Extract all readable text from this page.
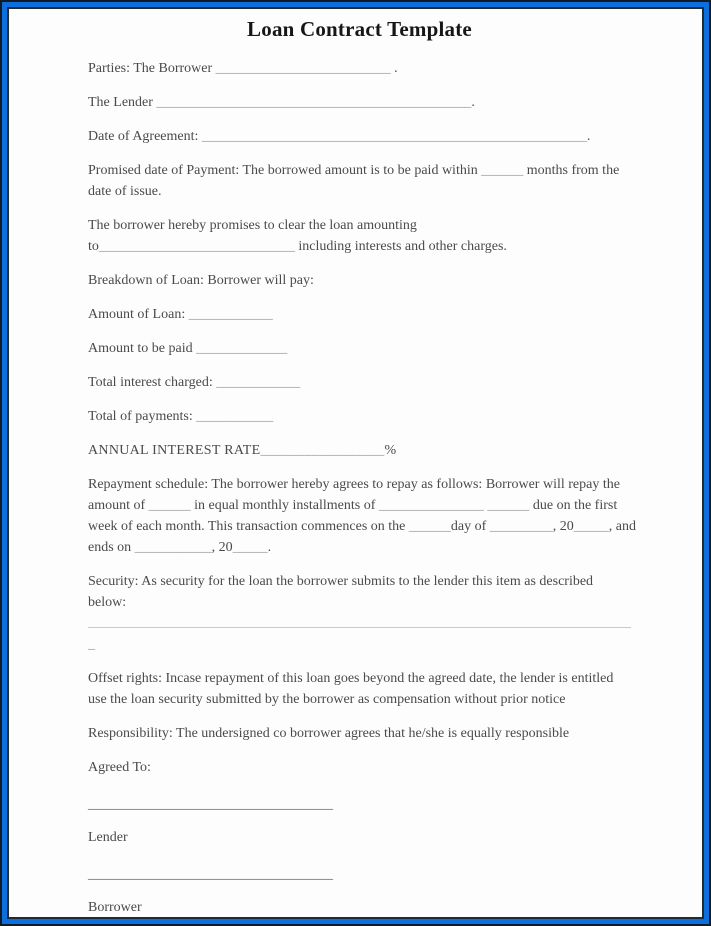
Loan Contract Template
Parties: The Borrower _________________________ .
The Lender _____________________________________________.
Date of Agreement: _______________________________________________________.
Promised date of Payment: The borrowed amount is to be paid within ______ months from the
date of issue.
The borrower hereby promises to clear the loan amounting
to____________________________ including interests and other charges.
Breakdown of Loan: Borrower will pay:
Amount of Loan: ____________
Amount to be paid _____________
Total interest charged: ____________
Total of payments: ___________
ANNUAL INTEREST RATE_________________%
Repayment schedule: The borrower hereby agrees to repay as follows: Borrower will repay the
amount of ______ in equal monthly installments of _______________ ______ due on the first
week of each month. This transaction commences on the ______day of _________, 20_____, and
ends on ___________, 20_____.
Security: As security for the loan the borrower submits to the lender this item as described
below:
_
Offset rights: Incase repayment of this loan goes beyond the agreed date, the lender is entitled
use the loan security submitted by the borrower as compensation without prior notice
Responsibility: The undersigned co borrower agrees that he/she is equally responsible
Agreed To:
___________________________________
Lender
___________________________________
Borrower
